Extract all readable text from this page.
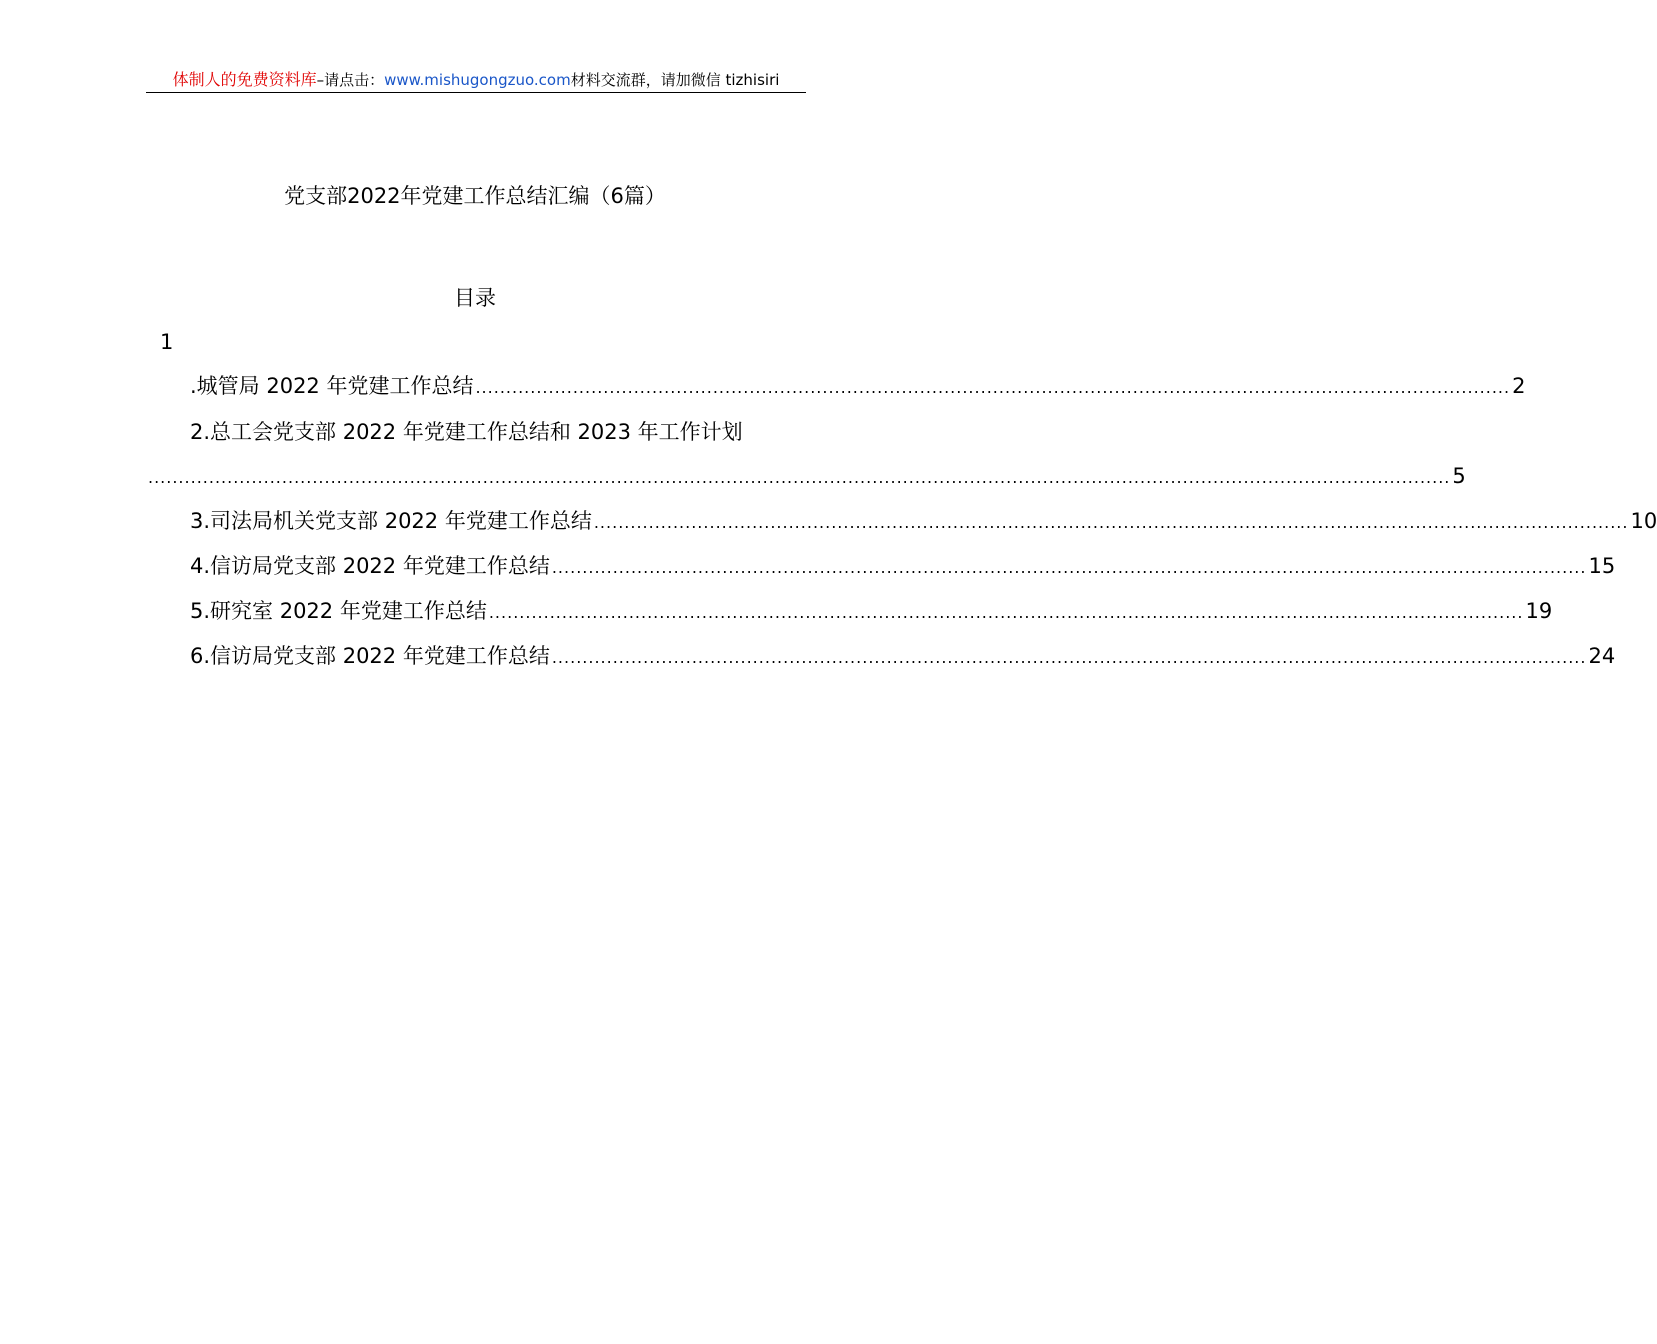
体制人的免费资料库–请点击：www.mishugongzuo.com材料交流群，请加微信 tizhisiri
党支部2022年党建工作总结汇编（6篇）
目录
1
.城管局 2022 年党建工作总结 .......................................................................................................................................................................... 2
2.总工会党支部 2022 年党建工作总结和 2023 年工作计划
...................................................................................................................................................................................................................... 5
3.司法局机关党支部 2022 年党建工作总结 .......................................................................................................................................................................... 10
4.信访局党支部 2022 年党建工作总结 .......................................................................................................................................................................... 15
5.研究室 2022 年党建工作总结 .......................................................................................................................................................................... 19
6.信访局党支部 2022 年党建工作总结 .......................................................................................................................................................................... 24
